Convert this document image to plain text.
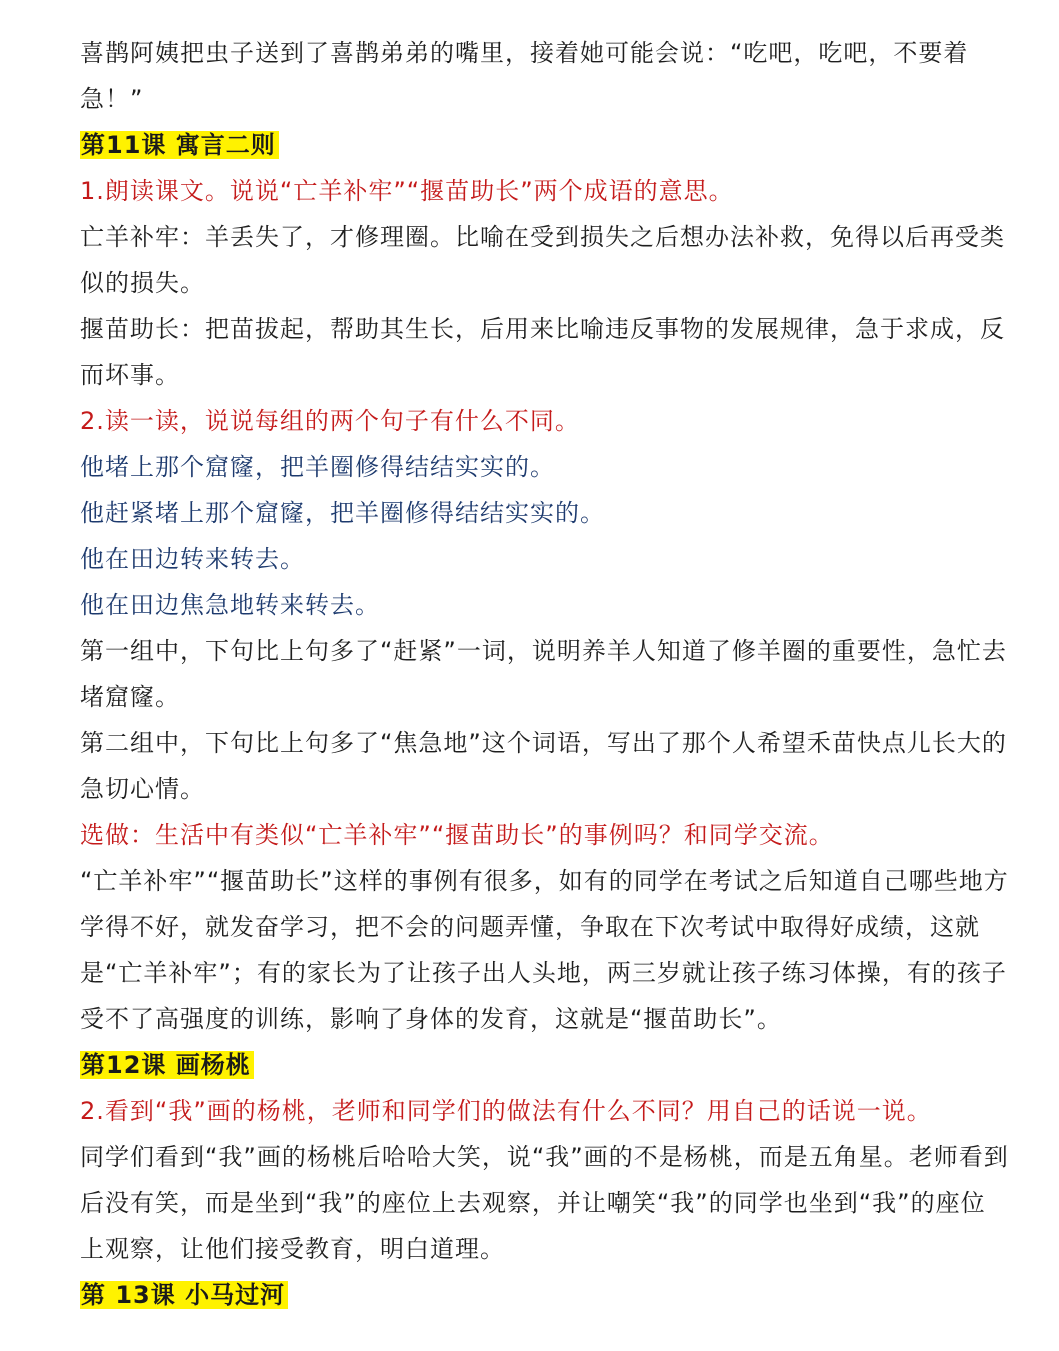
喜鹊阿姨把虫子送到了喜鹊弟弟的嘴里，接着她可能会说：“吃吧，吃吧，不要着急！”

第11课 寓言二则

1.朗读课文。说说“亡羊补牢”“揠苗助长”两个成语的意思。

亡羊补牢：羊丢失了，才修理圈。比喻在受到损失之后想办法补救，免得以后再受类似的损失。

揠苗助长：把苗拔起，帮助其生长，后用来比喻违反事物的发展规律，急于求成，反而坏事。

2.读一读，说说每组的两个句子有什么不同。

他堵上那个窟窿，把羊圈修得结结实实的。

他赶紧堵上那个窟窿，把羊圈修得结结实实的。

他在田边转来转去。

他在田边焦急地转来转去。

第一组中，下句比上句多了“赶紧”一词，说明养羊人知道了修羊圈的重要性，急忙去堵窟窿。

第二组中，下句比上句多了“焦急地”这个词语，写出了那个人希望禾苗快点儿长大的急切心情。

选做：生活中有类似“亡羊补牢”“揠苗助长”的事例吗？和同学交流。

“亡羊补牢”“揠苗助长”这样的事例有很多，如有的同学在考试之后知道自己哪些地方学得不好，就发奋学习，把不会的问题弄懂，争取在下次考试中取得好成绩，这就是“亡羊补牢”；有的家长为了让孩子出人头地，两三岁就让孩子练习体操，有的孩子受不了高强度的训练，影响了身体的发育，这就是“揠苗助长”。

第12课 画杨桃

2.看到“我”画的杨桃，老师和同学们的做法有什么不同？用自己的话说一说。

同学们看到“我”画的杨桃后哈哈大笑，说“我”画的不是杨桃，而是五角星。老师看到后没有笑，而是坐到“我”的座位上去观察，并让嘲笑“我”的同学也坐到“我”的座位上观察，让他们接受教育，明白道理。

第 13课 小马过河
